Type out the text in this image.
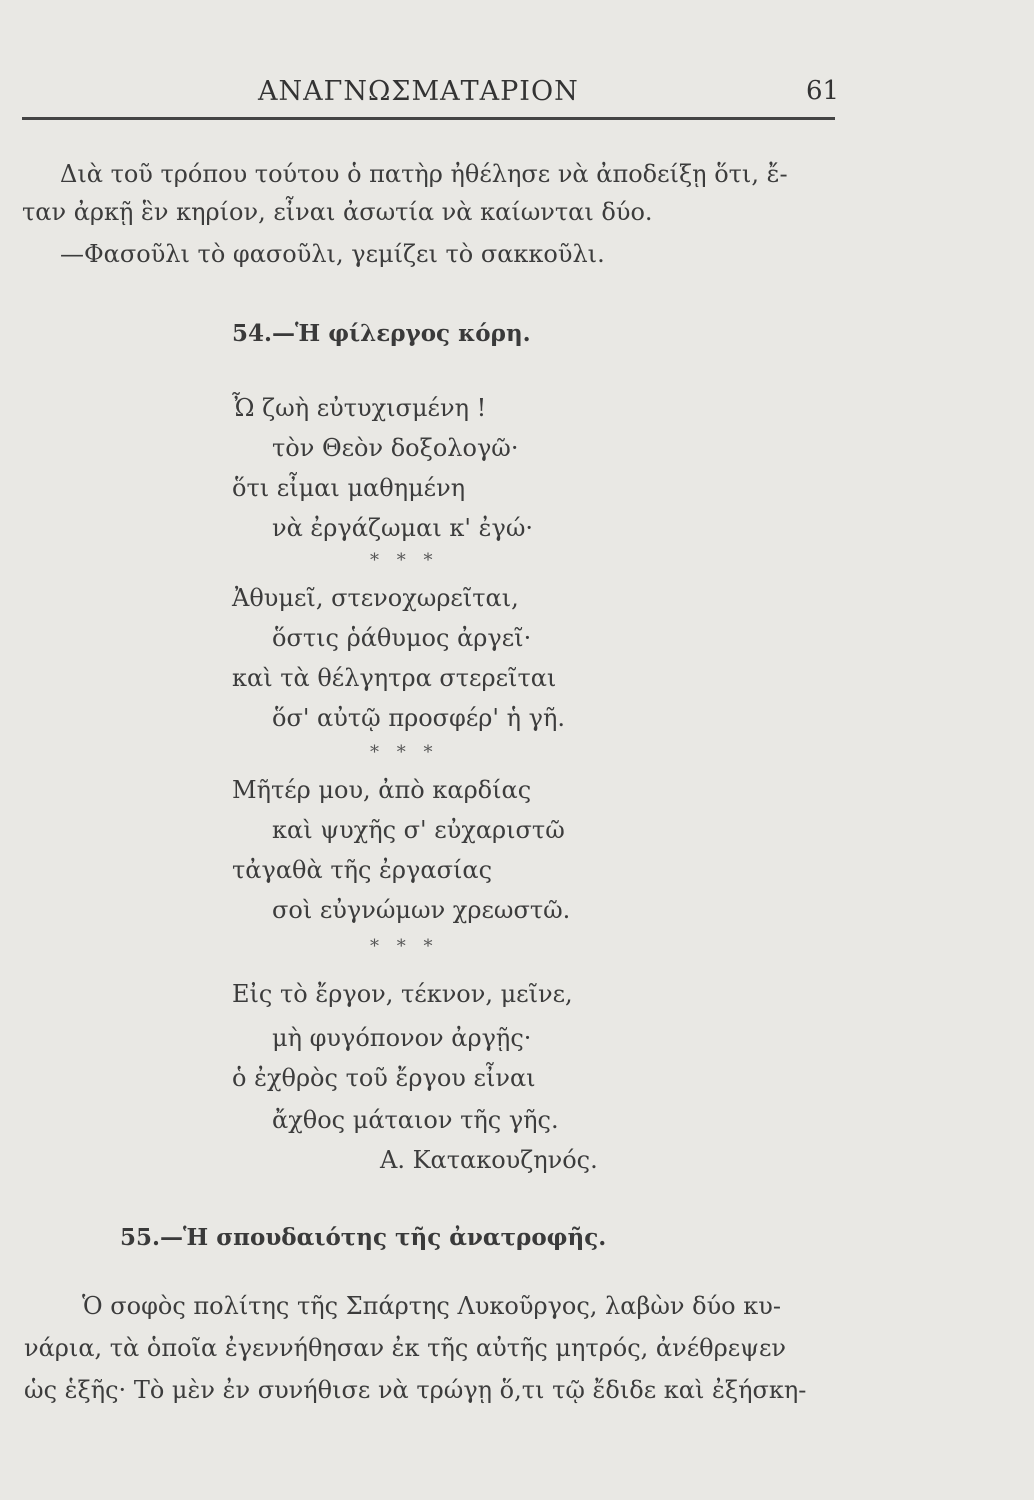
ΑΝΑΓΝΩΣΜΑΤΑΡΙΟΝ	61
Διὰ τοῦ τρόπου τούτου ὁ πατὴρ ἠθέλησε νὰ ἀποδείξῃ ὅτι, ἔ-
ταν ἀρκῇ ἓν κηρίον, εἶναι ἀσωτία νὰ καίωνται δύο.
—Φασοῦλι τὸ φασοῦλι, γεμίζει τὸ σακκοῦλι.
54.—Ἡ φίλεργος κόρη.
Ὦ ζωὴ εὐτυχισμένη !
τὸν Θεὸν δοξολογῶ·
ὅτι εἶμαι μαθημένη
νὰ ἐργάζωμαι κ' ἐγώ·
* * *
Ἀθυμεῖ, στενοχωρεῖται,
ὅστις ῥάθυμος ἀργεῖ·
καὶ τὰ θέλγητρα στερεῖται
ὅσ' αὐτῷ προσφέρ' ἡ γῆ.
* * *
Μῆτέρ μου, ἀπὸ καρδίας
καὶ ψυχῆς σ' εὐχαριστῶ
τἀγαθὰ τῆς ἐργασίας
σοὶ εὐγνώμων χρεωστῶ.
* * *
Εἰς τὸ ἔργον, τέκνον, μεῖνε,
μὴ φυγόπονον ἀργῇς·
ὁ ἐχθρὸς τοῦ ἔργου εἶναι
ἄχθος μάταιον τῆς γῆς.
Α. Κατακουζηνός.
55.—Ἡ σπουδαιότης τῆς ἀνατροφῆς.
Ὁ σοφὸς πολίτης τῆς Σπάρτης Λυκοῦργος, λαβὼν δύο κυ-
νάρια, τὰ ὁποῖα ἐγεννήθησαν ἐκ τῆς αὐτῆς μητρός, ἀνέθρεψεν
ὡς ἑξῆς· Τὸ μὲν ἐν συνήθισε νὰ τρώγῃ ὅ,τι τῷ ἔδιδε καὶ ἐξήσκη-
